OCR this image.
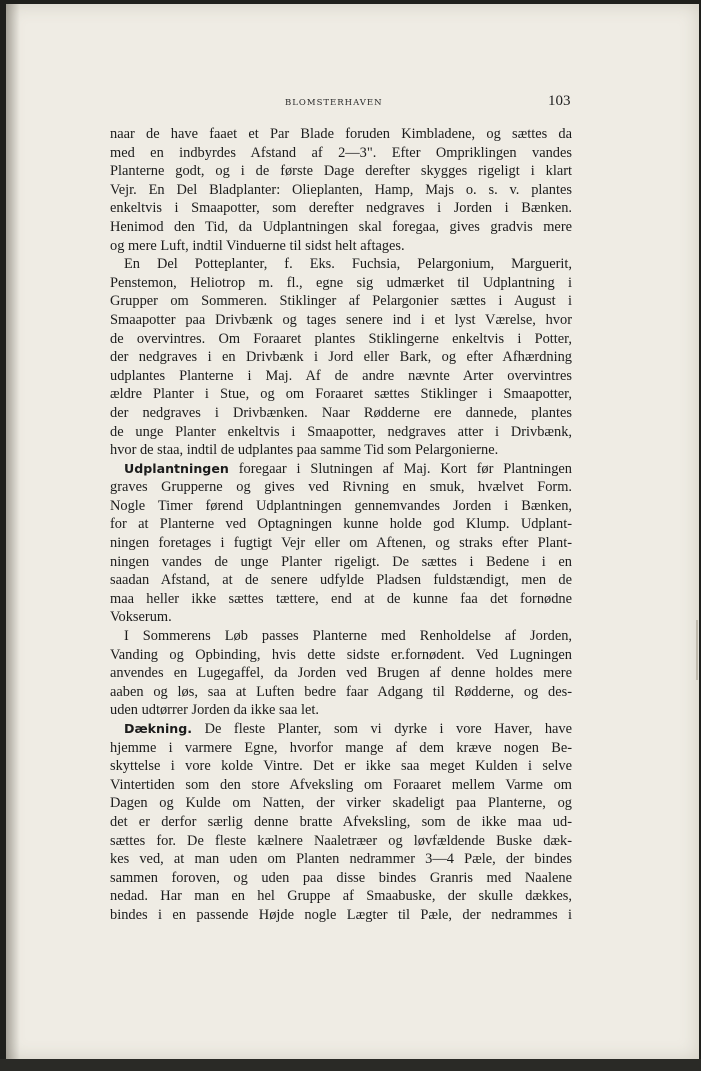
BLOMSTERHAVEN	103
naar de have faaet et Par Blade foruden Kimbladene, og sættes da
med en indbyrdes Afstand af 2—3". Efter Ompriklingen vandes
Planterne godt, og i de første Dage derefter skygges rigeligt i klart
Vejr. En Del Bladplanter: Olieplanten, Hamp, Majs o. s. v. plantes
enkeltvis i Smaapotter, som derefter nedgraves i Jorden i Bænken.
Henimod den Tid, da Udplantningen skal foregaa, gives gradvis mere
og mere Luft, indtil Vinduerne til sidst helt aftages.
En Del Potteplanter, f. Eks. Fuchsia, Pelargonium, Marguerit,
Penstemon, Heliotrop m. fl., egne sig udmærket til Udplantning i
Grupper om Sommeren. Stiklinger af Pelargonier sættes i August i
Smaapotter paa Drivbænk og tages senere ind i et lyst Værelse, hvor
de overvintres. Om Foraaret plantes Stiklingerne enkeltvis i Potter,
der nedgraves i en Drivbænk i Jord eller Bark, og efter Afhærdning
udplantes Planterne i Maj. Af de andre nævnte Arter overvintres
ældre Planter i Stue, og om Foraaret sættes Stiklinger i Smaapotter,
der nedgraves i Drivbænken. Naar Rødderne ere dannede, plantes
de unge Planter enkeltvis i Smaapotter, nedgraves atter i Drivbænk,
hvor de staa, indtil de udplantes paa samme Tid som Pelargonierne.
Udplantningen foregaar i Slutningen af Maj. Kort før Plantningen
graves Grupperne og gives ved Rivning en smuk, hvælvet Form.
Nogle Timer førend Udplantningen gennemvandes Jorden i Bænken,
for at Planterne ved Optagningen kunne holde god Klump. Udplant-
ningen foretages i fugtigt Vejr eller om Aftenen, og straks efter Plant-
ningen vandes de unge Planter rigeligt. De sættes i Bedene i en
saadan Afstand, at de senere udfylde Pladsen fuldstændigt, men de
maa heller ikke sættes tættere, end at de kunne faa det fornødne
Vokserum.
I Sommerens Løb passes Planterne med Renholdelse af Jorden,
Vanding og Opbinding, hvis dette sidste er.fornødent. Ved Lugningen
anvendes en Lugegaffel, da Jorden ved Brugen af denne holdes mere
aaben og løs, saa at Luften bedre faar Adgang til Rødderne, og des-
uden udtørrer Jorden da ikke saa let.
Dækning. De fleste Planter, som vi dyrke i vore Haver, have
hjemme i varmere Egne, hvorfor mange af dem kræve nogen Be-
skyttelse i vore kolde Vintre. Det er ikke saa meget Kulden i selve
Vintertiden som den store Afveksling om Foraaret mellem Varme om
Dagen og Kulde om Natten, der virker skadeligt paa Planterne, og
det er derfor særlig denne bratte Afveksling, som de ikke maa ud-
sættes for. De fleste kælnere Naaletræer og løvfældende Buske dæk-
kes ved, at man uden om Planten nedrammer 3—4 Pæle, der bindes
sammen foroven, og uden paa disse bindes Granris med Naalene
nedad. Har man en hel Gruppe af Smaabuske, der skulle dækkes,
bindes i en passende Højde nogle Lægter til Pæle, der nedrammes i
